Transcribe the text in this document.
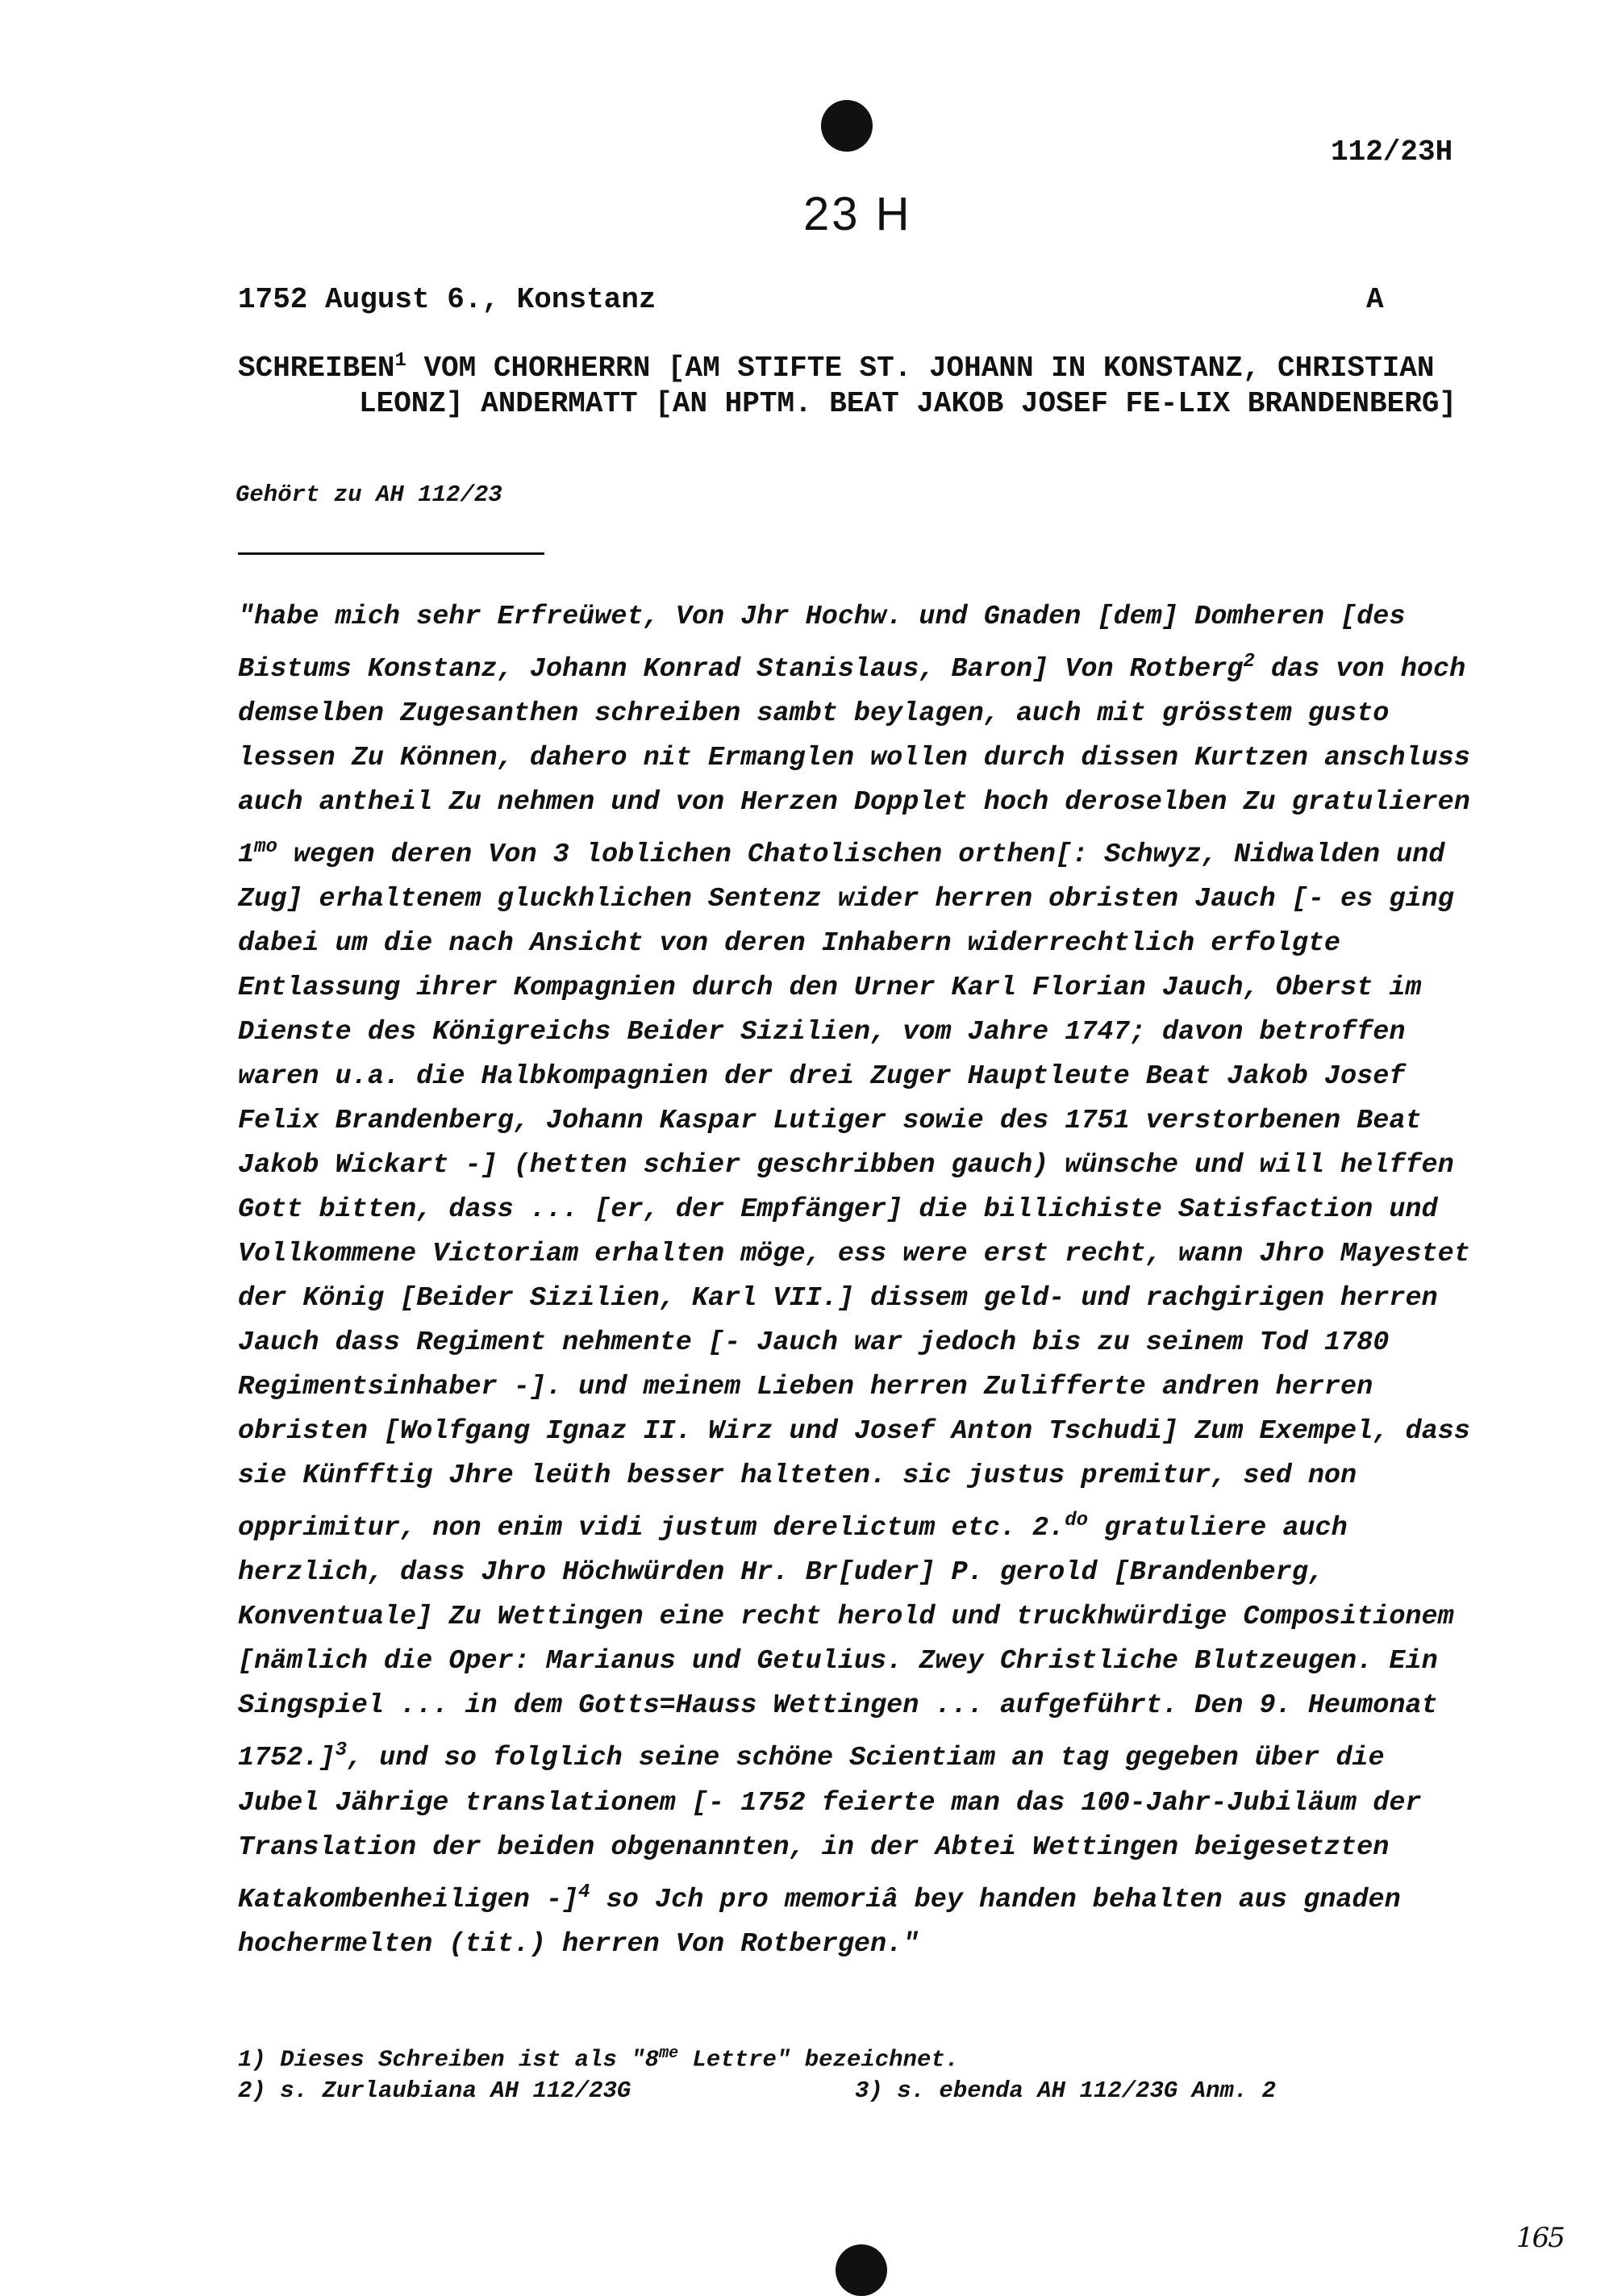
112/23H
23 H
1752 August 6., Konstanz	A
SCHREIBEN$^1$ VOM CHORHERRN [AM STIFTE ST. JOHANN IN KONSTANZ, CHRISTIAN LEONZ] ANDERMATT [AN HPTM. BEAT JAKOB JOSEF FE-LIX BRANDENBERG]
Gehört zu AH 112/23
"habe mich sehr Erfreüwet, Von Jhr Hochw. und Gnaden [dem] Domheren [des Bistums Konstanz, Johann Konrad Stanislaus, Baron] Von Rotberg$^2$ das von hoch demselben Zugesanthen schreiben sambt beylagen, auch mit grösstem gusto lessen Zu Können, dahero nit Ermanglen wollen durch dissen Kurtzen anschluss auch antheil Zu nehmen und von Herzen Dopplet hoch deroselben Zu gratulieren $1^{mo}$ wegen deren Von 3 loblichen Chatolischen orthen[: Schwyz, Nidwalden und Zug] erhaltenem gluckhlichen Sentenz wider herren obristen Jauch [- es ging dabei um die nach Ansicht von deren Inhabern widerrechtlich erfolgte Entlassung ihrer Kompagnien durch den Urner Karl Florian Jauch, Oberst im Dienste des Königreichs Beider Sizilien, vom Jahre 1747; davon betroffen waren u.a. die Halbkompagnien der drei Zuger Hauptleute Beat Jakob Josef Felix Brandenberg, Johann Kaspar Lutiger sowie des 1751 verstorbenen Beat Jakob Wickart -] (hetten schier geschribben gauch) wünsche und will helffen Gott bitten, dass ... [er, der Empfänger] die billichiste Satisfaction und Vollkommene Victoriam erhalten möge, ess were erst recht, wann Jhro Mayestet der König [Beider Sizilien, Karl VII.] dissem geld- und rachgirigen herren Jauch dass Regiment nehmente [- Jauch war jedoch bis zu seinem Tod 1780 Regimentsinhaber -]. und meinem Lieben herren Zulifferte andren herren obristen [Wolfgang Ignaz II. Wirz und Josef Anton Tschudi] Zum Exempel, dass sie Künfftig Jhre leüth besser halteten. sic justus premitur, sed non opprimitur, non enim vidi justum derelictum etc. 2.$^{do}$ gratuliere auch herzlich, dass Jhro Höchwürden Hr. Br[uder] P. gerold [Brandenberg, Konventuale] Zu Wettingen eine recht herold und truckhwürdige Compositionem [nämlich die Oper: Marianus und Getulius. Zwey Christliche Blutzeugen. Ein Singspiel ... in dem Gotts=Hauss Wettingen ... aufgeführt. Den 9. Heumonat 1752.]$^3$, und so folglich seine schöne Scientiam an tag gegeben über die Jubel Jährige translationem [- 1752 feierte man das 100-Jahr-Jubiläum der Translation der beiden obgenannten, in der Abtei Wettingen beigesetzten Katakombenheiligen -]$^4$ so Jch pro memoriâ bey handen behalten aus gnaden hochermelten (tit.) herren Von Rotbergen."
1) Dieses Schreiben ist als "$8^{me}$ Lettre" bezeichnet.
2) s. Zurlaubiana AH 112/23G	3) s. ebenda AH 112/23G Anm. 2
165
